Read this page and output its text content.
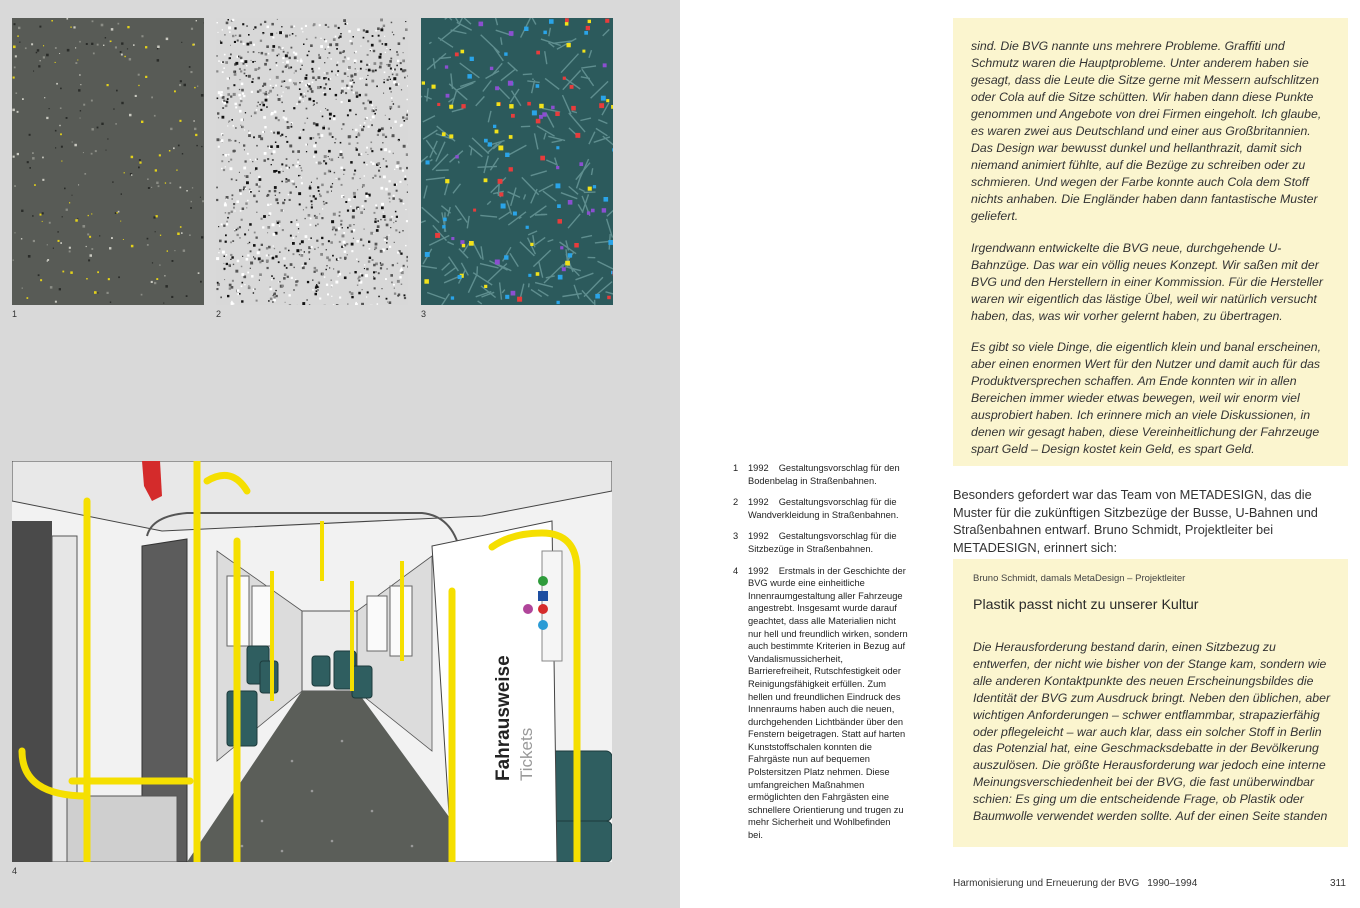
1	2	3
Fahrausweise Tickets
4
1	1992 Gestaltungsvorschlag für den Bodenbelag in Straßenbahnen.
2	1992 Gestaltungsvorschlag für die Wandverkleidung in Straßenbahnen.
3	1992 Gestaltungsvorschlag für die Sitzbezüge in Straßenbahnen.
4	1992 Erstmals in der Geschichte der BVG wurde eine einheitliche Innenraumgestaltung aller Fahrzeuge angestrebt. Insgesamt wurde darauf geachtet, dass alle Materialien nicht nur hell und freundlich wirken, sondern auch bestimmte Kriterien in Bezug auf Vandalismussicherheit, Barrierefreiheit, Rutschfestigkeit oder Reinigungsfähigkeit erfüllen. Zum hellen und freundlichen Eindruck des Innenraums haben auch die neuen, durchgehenden Lichtbänder über den Fenstern beigetragen. Statt auf harten Kunststoffschalen konnten die Fahrgäste nun auf bequemen Polstersitzen Platz nehmen. Diese umfangreichen Maßnahmen ermöglichten den Fahrgästen eine schnellere Orientierung und trugen zu mehr Sicherheit und Wohlbefinden bei.

sind. Die BVG nannte uns mehrere Probleme. Graffiti und Schmutz waren die Hauptprobleme. Unter anderem haben sie gesagt, dass die Leute die Sitze gerne mit Messern aufschlitzen oder Cola auf die Sitze schütten. Wir haben dann diese Punkte genommen und Angebote von drei Firmen eingeholt. Ich glaube, es waren zwei aus Deutschland und einer aus Großbritannien. Das Design war bewusst dunkel und hellanthrazit, damit sich niemand animiert fühlte, auf die Bezüge zu schreiben oder zu schmieren. Und wegen der Farbe konnte auch Cola dem Stoff nichts anhaben. Die Engländer haben dann fantastische Muster geliefert.

Irgendwann entwickelte die BVG neue, durchgehende U-Bahnzüge. Das war ein völlig neues Konzept. Wir saßen mit der BVG und den Herstellern in einer Kommission. Für die Hersteller waren wir eigentlich das lästige Übel, weil wir natürlich versucht haben, das, was wir vorher gelernt haben, zu übertragen.

Es gibt so viele Dinge, die eigentlich klein und banal erscheinen, aber einen enormen Wert für den Nutzer und damit auch für das Produktversprechen schaffen. Am Ende konnten wir in allen Bereichen immer wieder etwas bewegen, weil wir enorm viel ausprobiert haben. Ich erinnere mich an viele Diskussionen, in denen wir gesagt haben, diese Vereinheitlichung der Fahrzeuge spart Geld – Design kostet kein Geld, es spart Geld.

Besonders gefordert war das Team von METADESIGN, das die Muster für die zukünftigen Sitzbezüge der Busse, U-Bahnen und Straßenbahnen entwarf. Bruno Schmidt, Projektleiter bei METADESIGN, erinnert sich:

Bruno Schmidt, damals MetaDesign – Projektleiter
Plastik passt nicht zu unserer Kultur

Die Herausforderung bestand darin, einen Sitzbezug zu entwerfen, der nicht wie bisher von der Stange kam, sondern wie alle anderen Kontaktpunkte des neuen Erscheinungsbildes die Identität der BVG zum Ausdruck bringt. Neben den üblichen, aber wichtigen Anforderungen – schwer entflammbar, strapazierfähig oder pflegeleicht – war auch klar, dass ein solcher Stoff in Berlin das Potenzial hat, eine Geschmacksdebatte in der Bevölkerung auszulösen. Die größte Herausforderung war jedoch eine interne Meinungsverschiedenheit bei der BVG, die fast unüberwindbar schien: Es ging um die entscheidende Frage, ob Plastik oder Baumwolle verwendet werden sollte. Auf der einen Seite standen

Harmonisierung und Erneuerung der BVG 1990–1994	311
